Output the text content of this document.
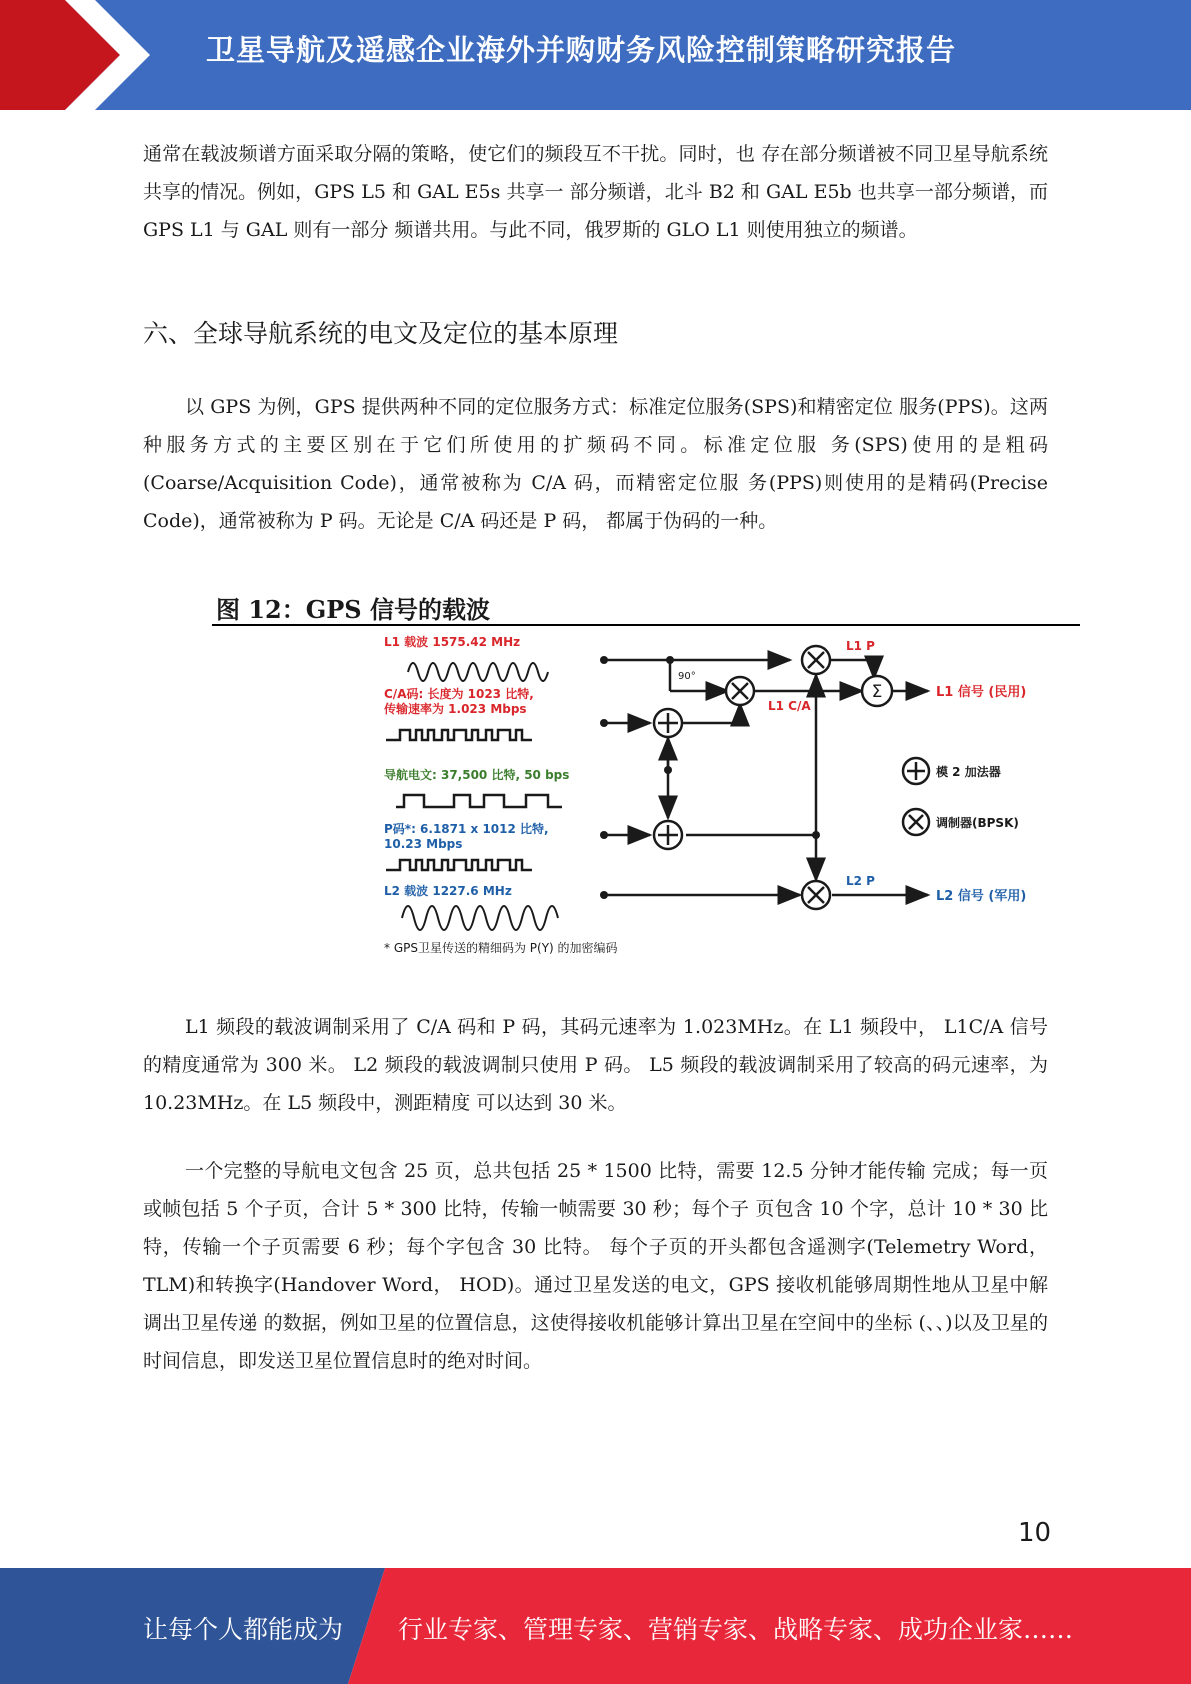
卫星导航及遥感企业海外并购财务风险控制策略研究报告
通常在载波频谱方面采取分隔的策略，使它们的频段互不干扰。同时，也 存在部分频谱被不同卫星导航系统共享的情况。例如，GPS L5 和 GAL E5s 共享一 部分频谱，北斗 B2 和 GAL E5b 也共享一部分频谱，而 GPS L1 与 GAL 则有一部分 频谱共用。与此不同，俄罗斯的 GLO L1 则使用独立的频谱。
六、全球导航系统的电文及定位的基本原理
以 GPS 为例，GPS 提供两种不同的定位服务方式：标准定位服务(SPS)和精密定位 服务(PPS)。这两种服务方式的主要区别在于它们所使用的扩频码不同。标准定位服 务(SPS)使用的是粗码(Coarse/Acquisition Code)，通常被称为 C/A 码，而精密定位服 务(PPS)则使用的是精码(Precise Code)，通常被称为 P 码。无论是 C/A 码还是 P 码， 都属于伪码的一种。
图 12：GPS 信号的载波
L1 载波 1575.42 MHz
C/A码: 长度为 1023 比特,
传输速率为 1.023 Mbps
导航电文: 37,500 比特, 50 bps
P码*: 6.1871 x 1012 比特,
10.23 Mbps
L2 载波 1227.6 MHz
* GPS卫星传送的精细码为 P(Y) 的加密编码
Σ
90°
L1 P
L1 C/A
L2 P
L1 信号 (民用)
L2 信号 (军用)
模 2 加法器
调制器(BPSK)
L1 频段的载波调制采用了 C/A 码和 P 码，其码元速率为 1.023MHz。在 L1 频段中， L1C/A 信号的精度通常为 300 米。 L2 频段的载波调制只使用 P 码。 L5 频段的载波调制采用了较高的码元速率，为 10.23MHz。在 L5 频段中，测距精度 可以达到 30 米。
一个完整的导航电文包含 25 页，总共包括 25 * 1500 比特，需要 12.5 分钟才能传输 完成；每一页或帧包括 5 个子页，合计 5 * 300 比特，传输一帧需要 30 秒；每个子 页包含 10 个字，总计 10 * 30 比特，传输一个子页需要 6 秒；每个字包含 30 比特。 每个子页的开头都包含遥测字(Telemetry Word，TLM)和转换字(Handover Word， HOD)。通过卫星发送的电文，GPS 接收机能够周期性地从卫星中解调出卫星传递 的数据，例如卫星的位置信息，这使得接收机能够计算出卫星在空间中的坐标 (、、)以及卫星的时间信息，即发送卫星位置信息时的绝对时间。
10
让每个人都能成为 行业专家、管理专家、营销专家、战略专家、成功企业家……
